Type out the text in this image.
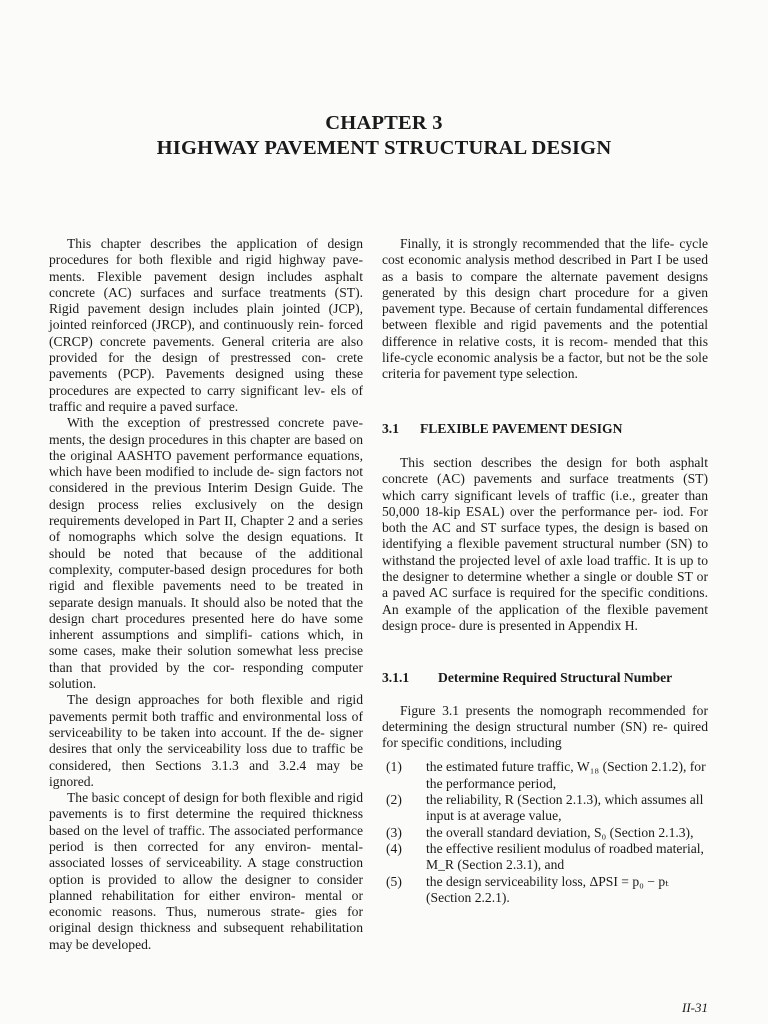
CHAPTER 3
HIGHWAY PAVEMENT STRUCTURAL DESIGN

This chapter describes the application of design procedures for both flexible and rigid highway pave- ments. Flexible pavement design includes asphalt concrete (AC) surfaces and surface treatments (ST). Rigid pavement design includes plain jointed (JCP), jointed reinforced (JRCP), and continuously rein- forced (CRCP) concrete pavements. General criteria are also provided for the design of prestressed con- crete pavements (PCP). Pavements designed using these procedures are expected to carry significant lev- els of traffic and require a paved surface.

With the exception of prestressed concrete pave- ments, the design procedures in this chapter are based on the original AASHTO pavement performance equations, which have been modified to include de- sign factors not considered in the previous Interim Design Guide. The design process relies exclusively on the design requirements developed in Part II, Chapter 2 and a series of nomographs which solve the design equations. It should be noted that because of the additional complexity, computer-based design procedures for both rigid and flexible pavements need to be treated in separate design manuals. It should also be noted that the design chart procedures presented here do have some inherent assumptions and simplifi- cations which, in some cases, make their solution somewhat less precise than that provided by the cor- responding computer solution.

The design approaches for both flexible and rigid pavements permit both traffic and environmental loss of serviceability to be taken into account. If the de- signer desires that only the serviceability loss due to traffic be considered, then Sections 3.1.3 and 3.2.4 may be ignored.

The basic concept of design for both flexible and rigid pavements is to first determine the required thickness based on the level of traffic. The associated performance period is then corrected for any environ- mental-associated losses of serviceability. A stage construction option is provided to allow the designer to consider planned rehabilitation for either environ- mental or economic reasons. Thus, numerous strate- gies for original design thickness and subsequent rehabilitation may be developed.

Finally, it is strongly recommended that the life- cycle cost economic analysis method described in Part I be used as a basis to compare the alternate pavement designs generated by this design chart procedure for a given pavement type. Because of certain fundamental differences between flexible and rigid pavements and the potential difference in relative costs, it is recom- mended that this life-cycle economic analysis be a factor, but not be the sole criteria for pavement type selection.

3.1 FLEXIBLE PAVEMENT DESIGN

This section describes the design for both asphalt concrete (AC) pavements and surface treatments (ST) which carry significant levels of traffic (i.e., greater than 50,000 18-kip ESAL) over the performance per- iod. For both the AC and ST surface types, the design is based on identifying a flexible pavement structural number (SN) to withstand the projected level of axle load traffic. It is up to the designer to determine whether a single or double ST or a paved AC surface is required for the specific conditions. An example of the application of the flexible pavement design proce- dure is presented in Appendix H.

3.1.1 Determine Required Structural Number

Figure 3.1 presents the nomograph recommended for determining the design structural number (SN) re- quired for specific conditions, including

(1)	the estimated future traffic, W₁₈ (Section 2.1.2), for the performance period,
(2)	the reliability, R (Section 2.1.3), which assumes all input is at average value,
(3)	the overall standard deviation, S₀ (Section 2.1.3),
(4)	the effective resilient modulus of roadbed material, M_R (Section 2.3.1), and
(5)	the design serviceability loss, ΔPSI = p₀ − pₜ (Section 2.2.1).
II-31
